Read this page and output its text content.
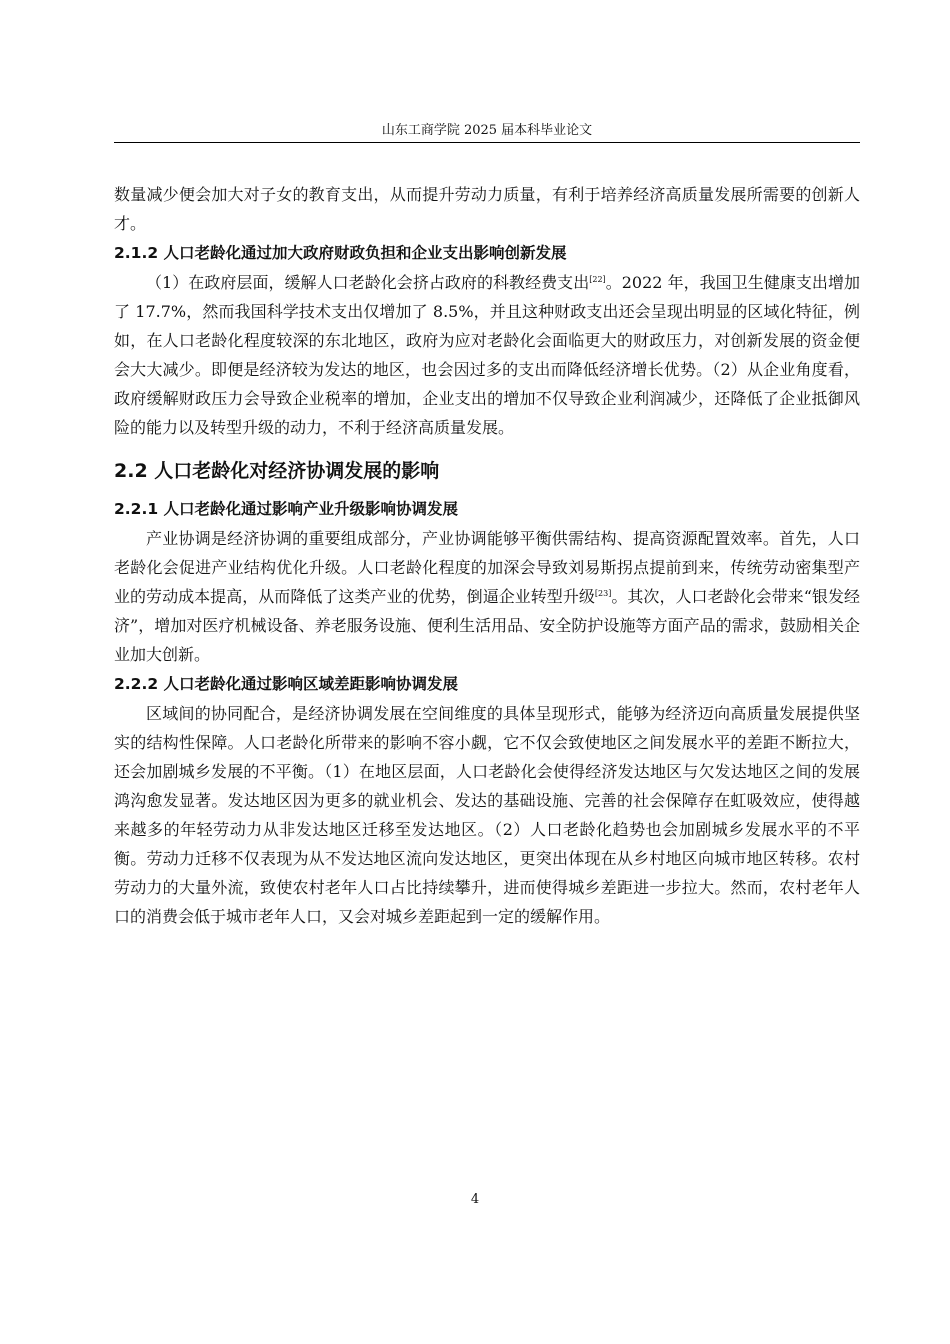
山东工商学院 2025 届本科毕业论文

数量减少便会加大对子女的教育支出，从而提升劳动力质量，有利于培养经济高质量发展所需要的创新人才。

2.1.2 人口老龄化通过加大政府财政负担和企业支出影响创新发展

（1）在政府层面，缓解人口老龄化会挤占政府的科教经费支出[22]。2022 年，我国卫生健康支出增加了 17.7%，然而我国科学技术支出仅增加了 8.5%，并且这种财政支出还会呈现出明显的区域化特征，例如，在人口老龄化程度较深的东北地区，政府为应对老龄化会面临更大的财政压力，对创新发展的资金便会大大减少。即便是经济较为发达的地区，也会因过多的支出而降低经济增长优势。（2）从企业角度看，政府缓解财政压力会导致企业税率的增加，企业支出的增加不仅导致企业利润减少，还降低了企业抵御风险的能力以及转型升级的动力，不利于经济高质量发展。

2.2 人口老龄化对经济协调发展的影响
2.2.1 人口老龄化通过影响产业升级影响协调发展

产业协调是经济协调的重要组成部分，产业协调能够平衡供需结构、提高资源配置效率。首先，人口老龄化会促进产业结构优化升级。人口老龄化程度的加深会导致刘易斯拐点提前到来，传统劳动密集型产业的劳动成本提高，从而降低了这类产业的优势，倒逼企业转型升级[23]。其次，人口老龄化会带来“银发经济”，增加对医疗机械设备、养老服务设施、便利生活用品、安全防护设施等方面产品的需求，鼓励相关企业加大创新。

2.2.2 人口老龄化通过影响区域差距影响协调发展

区域间的协同配合，是经济协调发展在空间维度的具体呈现形式，能够为经济迈向高质量发展提供坚实的结构性保障。人口老龄化所带来的影响不容小觑，它不仅会致使地区之间发展水平的差距不断拉大，还会加剧城乡发展的不平衡。（1）在地区层面，人口老龄化会使得经济发达地区与欠发达地区之间的发展鸿沟愈发显著。发达地区因为更多的就业机会、发达的基础设施、完善的社会保障存在虹吸效应，使得越来越多的年轻劳动力从非发达地区迁移至发达地区。（2）人口老龄化趋势也会加剧城乡发展水平的不平衡。劳动力迁移不仅表现为从不发达地区流向发达地区，更突出体现在从乡村地区向城市地区转移。农村劳动力的大量外流，致使农村老年人口占比持续攀升，进而使得城乡差距进一步拉大。然而，农村老年人口的消费会低于城市老年人口，又会对城乡差距起到一定的缓解作用。

4
